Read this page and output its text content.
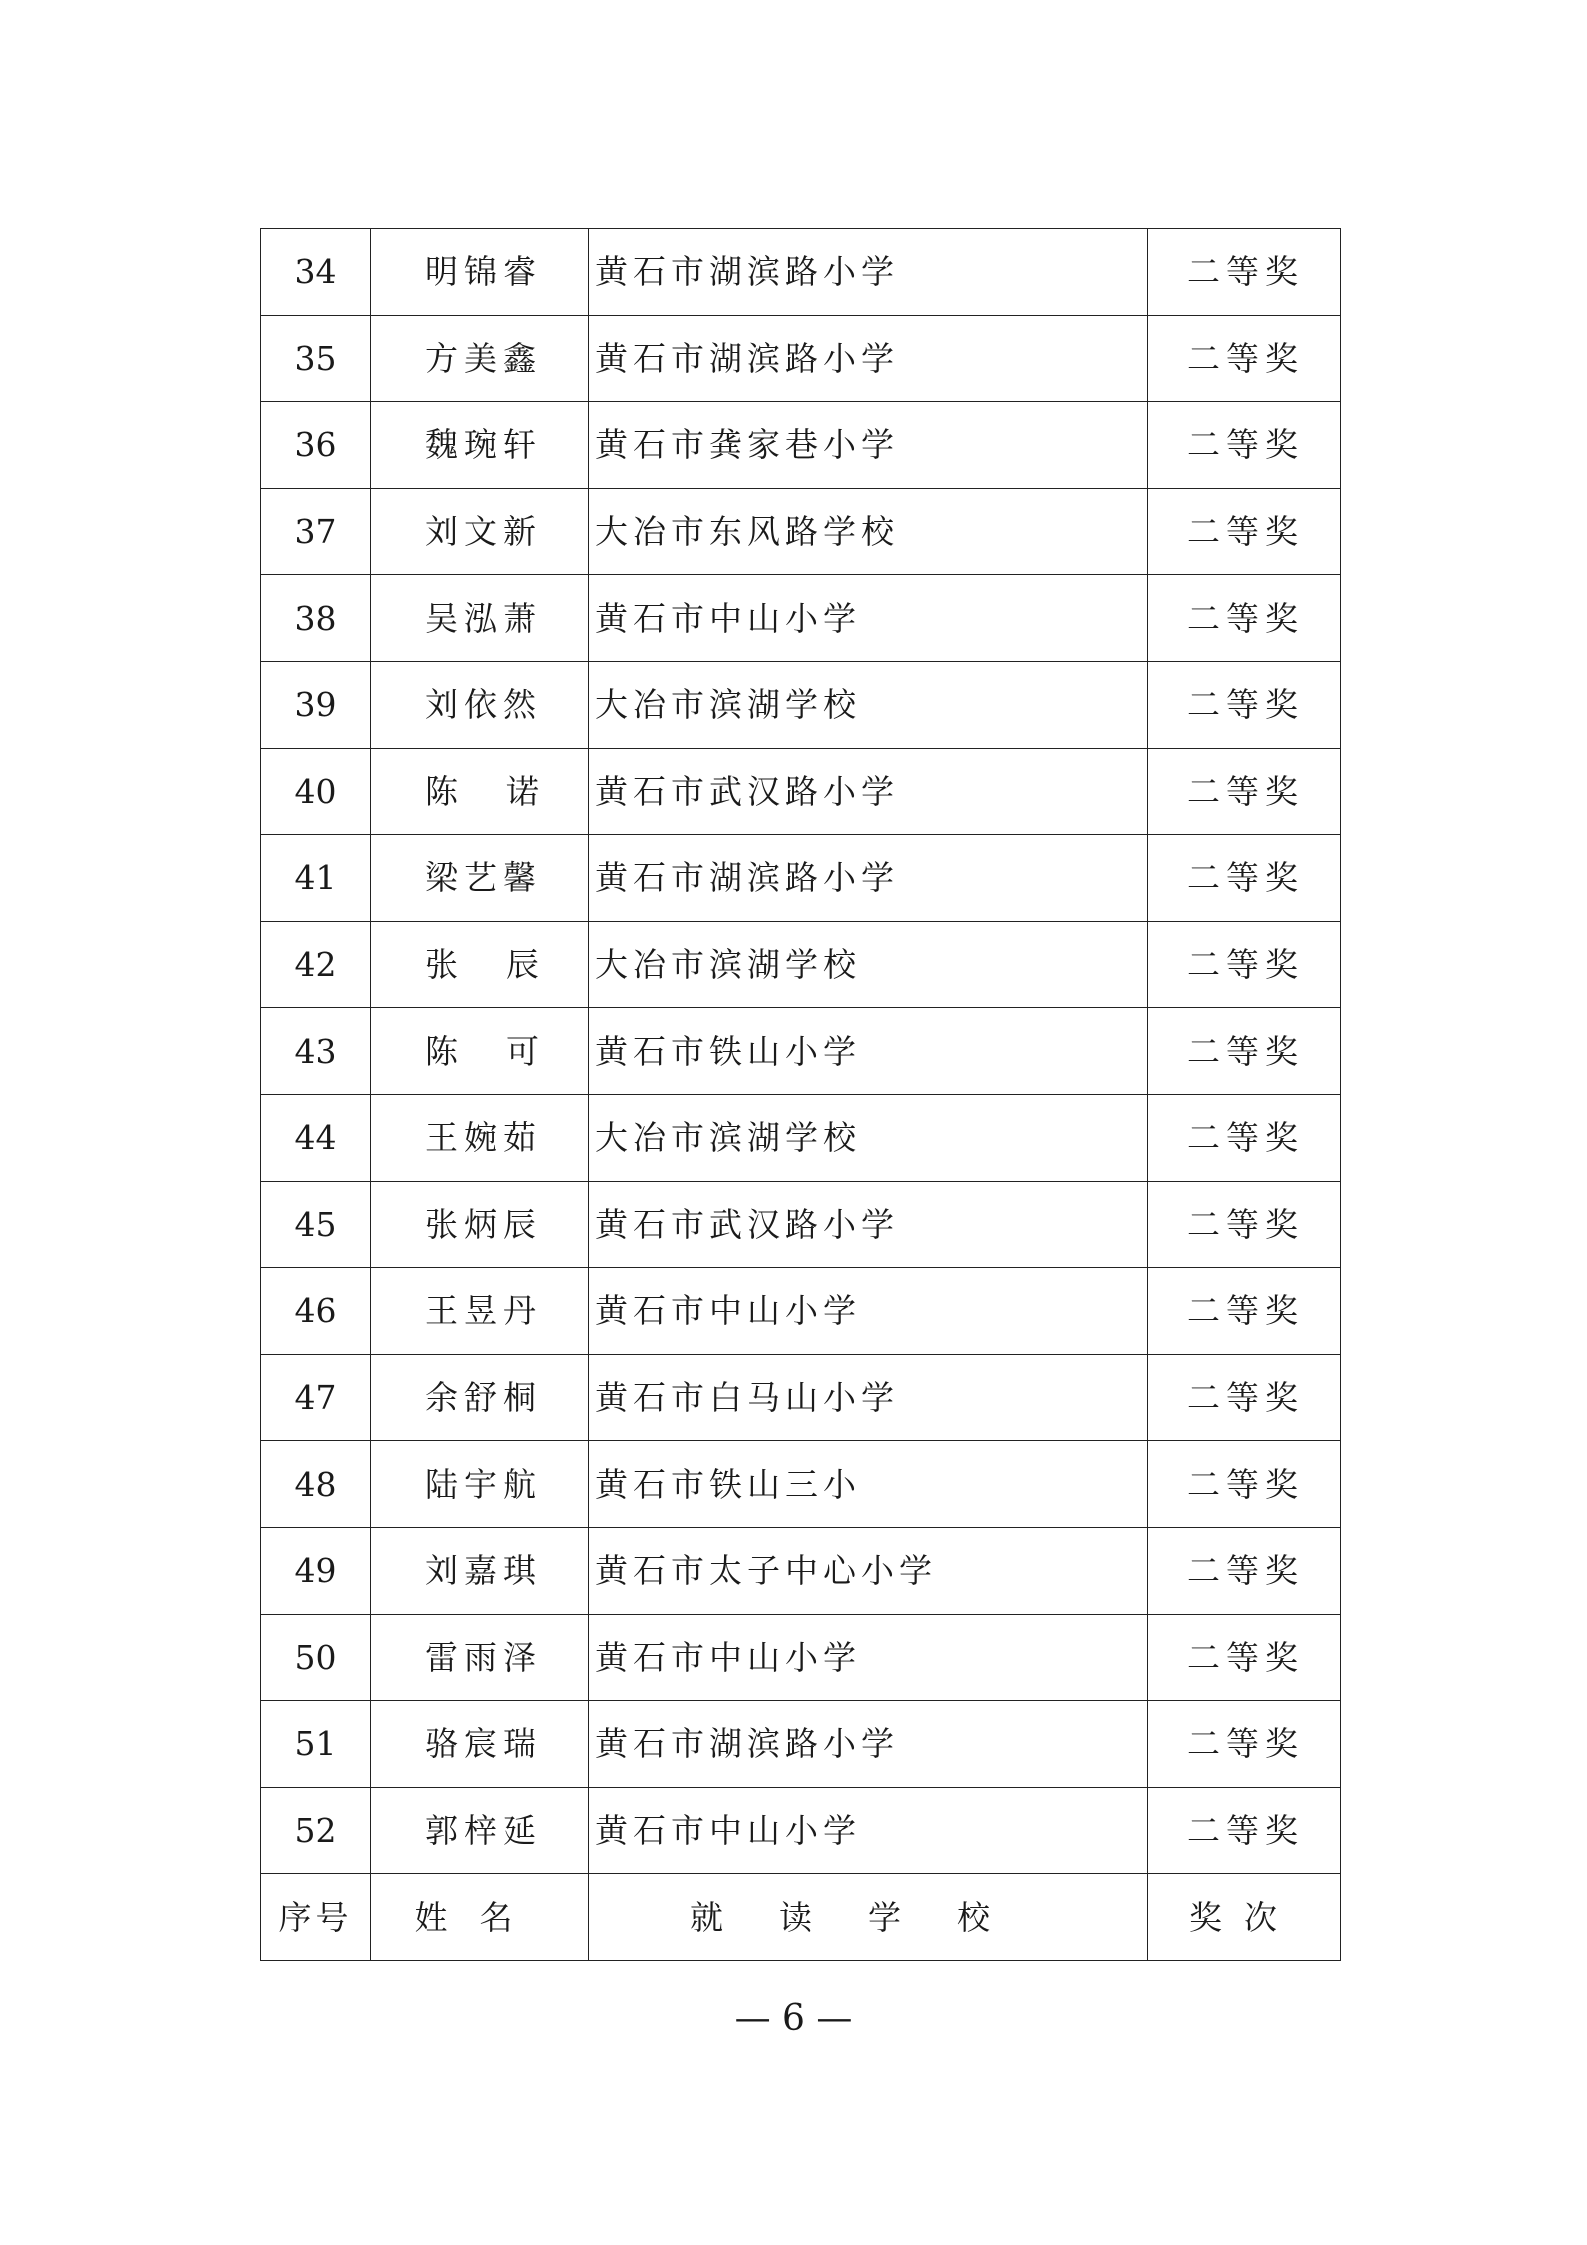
34	明锦睿	黄石市湖滨路小学	二等奖
35	方美鑫	黄石市湖滨路小学	二等奖
36	魏琬轩	黄石市龚家巷小学	二等奖
37	刘文新	大冶市东风路学校	二等奖
38	吴泓萧	黄石市中山小学	二等奖
39	刘依然	大冶市滨湖学校	二等奖
40	陈诺	黄石市武汉路小学	二等奖
41	梁艺馨	黄石市湖滨路小学	二等奖
42	张辰	大冶市滨湖学校	二等奖
43	陈可	黄石市铁山小学	二等奖
44	王婉茹	大冶市滨湖学校	二等奖
45	张炳辰	黄石市武汉路小学	二等奖
46	王昱丹	黄石市中山小学	二等奖
47	余舒桐	黄石市白马山小学	二等奖
48	陆宇航	黄石市铁山三小	二等奖
49	刘嘉琪	黄石市太子中心小学	二等奖
50	雷雨泽	黄石市中山小学	二等奖
51	骆宸瑞	黄石市湖滨路小学	二等奖
52	郭梓延	黄石市中山小学	二等奖
序号	姓名	就读学校	奖次
— 6 —
